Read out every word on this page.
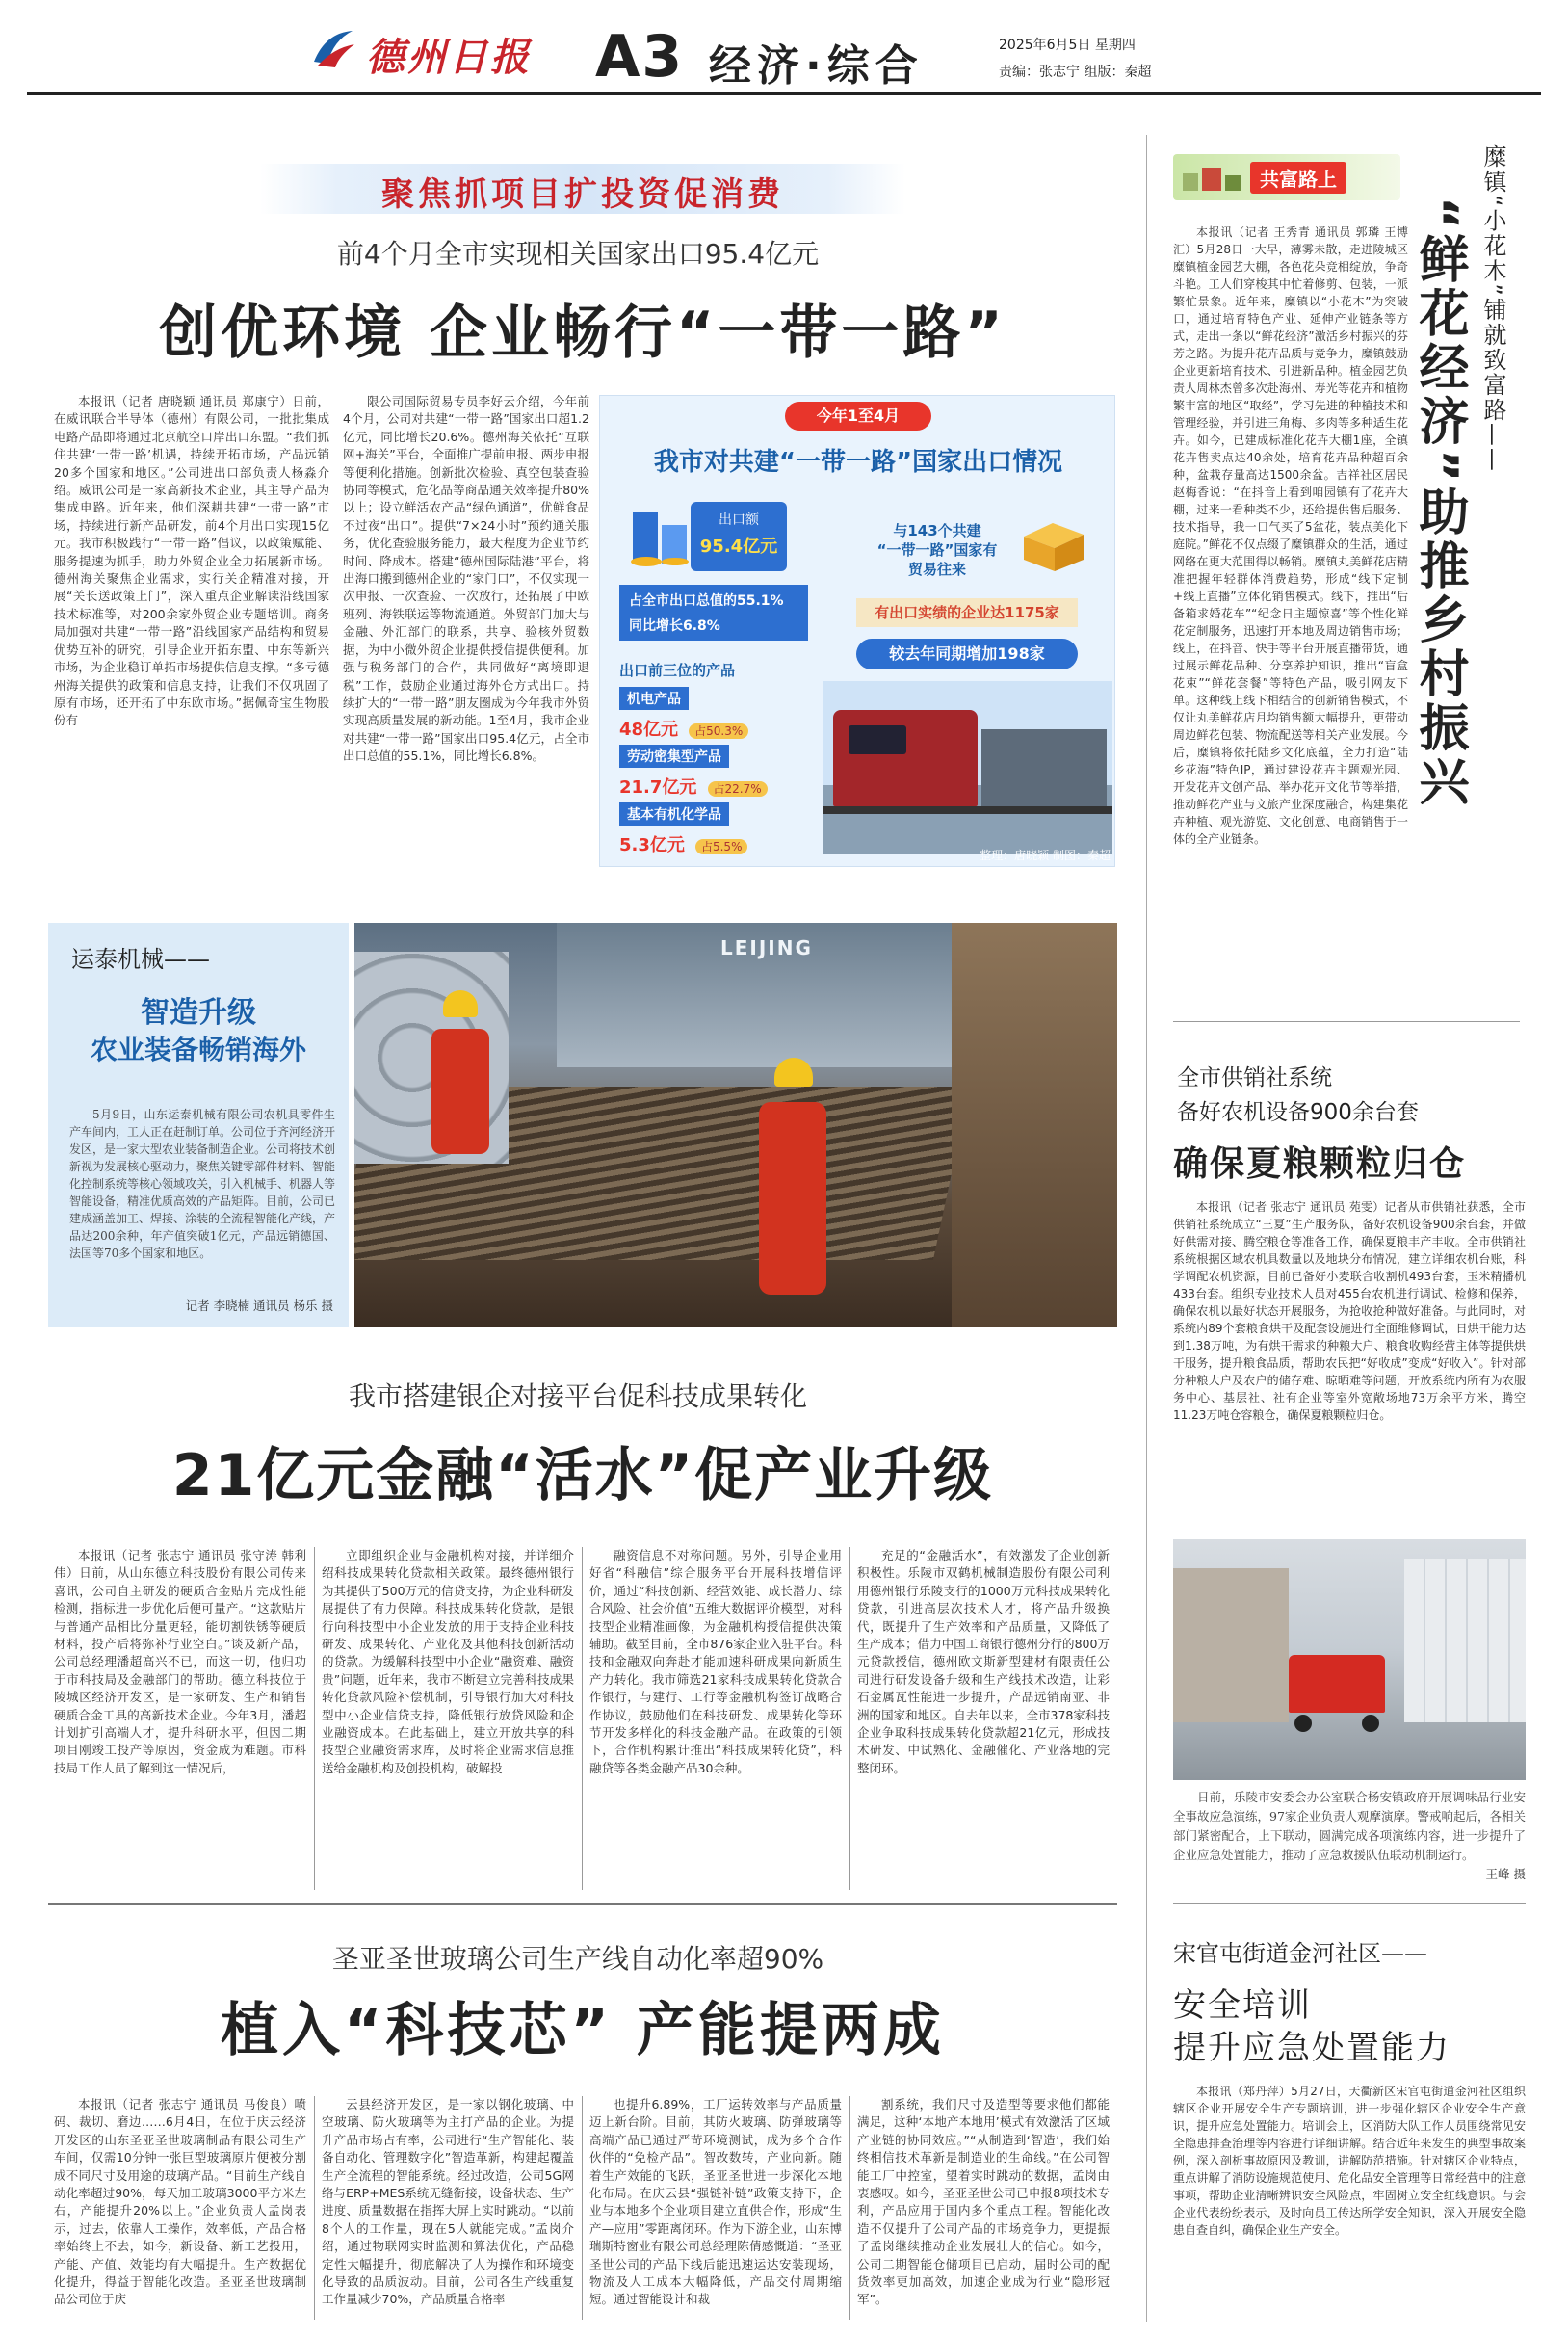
德州日报 A3 经济·综合	2025年6月5日 星期四
责编：张志宁 组版：秦超
聚焦抓项目扩投资促消费
前4个月全市实现相关国家出口95.4亿元
创优环境 企业畅行“一带一路”
本报讯（记者 唐晓颖 通讯员 郑康宁）日前，在威讯联合半导体（德州）有限公司，一批批集成电路产品即将通过北京航空口岸出口东盟。“我们抓住共建‘一带一路’机遇，持续开拓市场，产品远销20多个国家和地区。”公司进出口部负责人杨淼介绍。威讯公司是一家高新技术企业，其主导产品为集成电路。近年来，他们深耕共建“一带一路”市场，持续进行新产品研发，前4个月出口实现15亿元。我市积极践行“一带一路”倡议，以政策赋能、服务提速为抓手，助力外贸企业全力拓展新市场。德州海关聚焦企业需求，实行关企精准对接，开展“关长送政策上门”，深入重点企业解读沿线国家技术标准等，对200余家外贸企业专题培训。商务局加强对共建“一带一路”沿线国家产品结构和贸易优势互补的研究，引导企业开拓东盟、中东等新兴市场，为企业稳订单拓市场提供信息支撑。“多亏德州海关提供的政策和信息支持，让我们不仅巩固了原有市场，还开拓了中东欧市场。”据佩奇宝生物股份有
限公司国际贸易专员李好云介绍，今年前4个月，公司对共建“一带一路”国家出口超1.2亿元，同比增长20.6%。德州海关依托“互联网+海关”平台，全面推广提前申报、两步申报等便利化措施。创新批次检验、真空包装查验协同等模式，危化品等商品通关效率提升80%以上；设立鲜活农产品“绿色通道”，优鲜食品不过夜“出口”。提供“7×24小时”预约通关服务，优化查验服务能力，最大程度为企业节约时间、降成本。搭建“德州国际陆港”平台，将出海口搬到德州企业的“家门口”，不仅实现一次申报、一次查验、一次放行，还拓展了中欧班列、海铁联运等物流通道。外贸部门加大与金融、外汇部门的联系，共享、验核外贸数据，为中小微外贸企业提供授信提供便利。加强与税务部门的合作，共同做好“离境即退税”工作，鼓励企业通过海外仓方式出口。持续扩大的“一带一路”朋友圈成为今年我市外贸实现高质量发展的新动能。1至4月，我市企业对共建“一带一路”国家出口95.4亿元，占全市出口总值的55.1%，同比增长6.8%。
今年1至4月
我市对共建“一带一路”国家出口情况
出口额
95.4亿元
占全市出口总值的55.1%
同比增长6.8%
与143个共建
“一带一路”国家有
贸易往来
有出口实绩的企业达1175家
较去年同期增加198家
出口前三位的产品
机电产品
48亿元 占50.3%
劳动密集型产品
21.7亿元 占22.7%
基本有机化学品
5.3亿元 占5.5%
整理：唐晓颖 制图：秦超
运泰机械——
智造升级
农业装备畅销海外
5月9日，山东运泰机械有限公司农机具零件生产车间内，工人正在赶制订单。公司位于齐河经济开发区，是一家大型农业装备制造企业。公司将技术创新视为发展核心驱动力，聚焦关键零部件材料、智能化控制系统等核心领域攻关，引入机械手、机器人等智能设备，精准优质高效的产品矩阵。目前，公司已建成涵盖加工、焊接、涂装的全流程智能化产线，产品达200余种，年产值突破1亿元，产品远销德国、法国等70多个国家和地区。
记者 李晓楠 通讯员 杨乐 摄
LEIJING
我市搭建银企对接平台促科技成果转化
21亿元金融“活水”促产业升级
本报讯（记者 张志宁 通讯员 张守涛 韩利伟）日前，从山东德立科技股份有限公司传来喜讯，公司自主研发的硬质合金贴片完成性能检测，指标进一步优化后便可量产。“这款贴片与普通产品相比分量更轻，能切割铁锈等硬质材料，投产后将弥补行业空白。”谈及新产品，公司总经理潘超高兴不已，而这一切，他归功于市科技局及金融部门的帮助。德立科技位于陵城区经济开发区，是一家研发、生产和销售硬质合金工具的高新技术企业。今年3月，潘超计划扩引高端人才，提升科研水平，但因二期项目刚竣工投产等原因，资金成为难题。市科技局工作人员了解到这一情况后，
立即组织企业与金融机构对接，并详细介绍科技成果转化贷款相关政策。最终德州银行为其提供了500万元的信贷支持，为企业科研发展提供了有力保障。科技成果转化贷款，是银行向科技型中小企业发放的用于支持企业科技研发、成果转化、产业化及其他科技创新活动的贷款。为缓解科技型中小企业“融资难、融资贵”问题，近年来，我市不断建立完善科技成果转化贷款风险补偿机制，引导银行加大对科技型中小企业信贷支持，降低银行放贷风险和企业融资成本。在此基础上，建立开放共享的科技型企业融资需求库，及时将企业需求信息推送给金融机构及创投机构，破解投
融资信息不对称问题。另外，引导企业用好省“科融信”综合服务平台开展科技增信评价，通过“科技创新、经营效能、成长潜力、综合风险、社会价值”五维大数据评价模型，对科技型企业精准画像，为金融机构授信提供决策辅助。截至目前，全市876家企业入驻平台。科技和金融双向奔赴才能加速科研成果向新质生产力转化。我市筛选21家科技成果转化贷款合作银行，与建行、工行等金融机构签订战略合作协议，鼓励他们在科技研发、成果转化等环节开发多样化的科技金融产品。在政策的引领下，合作机构累计推出“科技成果转化贷”，科融贷等各类金融产品30余种。
充足的“金融活水”，有效激发了企业创新积极性。乐陵市双鹤机械制造股份有限公司利用德州银行乐陵支行的1000万元科技成果转化贷款，引进高层次技术人才，将产品升级换代，既提升了生产效率和产品质量，又降低了生产成本；借力中国工商银行德州分行的800万元贷款授信，德州欧文斯新型建材有限责任公司进行研发设备升级和生产线技术改造，让彩石金属瓦性能进一步提升，产品远销南亚、非洲的国家和地区。自去年以来，全市378家科技企业争取科技成果转化贷款超21亿元，形成技术研发、中试熟化、金融催化、产业落地的完整闭环。
圣亚圣世玻璃公司生产线自动化率超90%
植入“科技芯” 产能提两成
本报讯（记者 张志宁 通讯员 马俊良）喷码、裁切、磨边……6月4日，在位于庆云经济开发区的山东圣亚圣世玻璃制品有限公司生产车间，仅需10分钟一张巨型玻璃原片便被分割成不同尺寸及用途的玻璃产品。“目前生产线自动化率超过90%，每天加工玻璃3000平方米左右，产能提升20%以上。”企业负责人孟岗表示，过去，依靠人工操作，效率低，产品合格率始终上不去，如今，新设备、新工艺投用，产能、产值、效能均有大幅提升。生产数据优化提升，得益于智能化改造。圣亚圣世玻璃制品公司位于庆
云县经济开发区，是一家以钢化玻璃、中空玻璃、防火玻璃等为主打产品的企业。为提升产品市场占有率，公司进行“生产智能化、装备自动化、管理数字化”智造革新，构建起覆盖生产全流程的智能系统。经过改造，公司5G网络与ERP+MES系统无缝衔接，设备状态、生产进度、质量数据在指挥大屏上实时跳动。“以前8个人的工作量，现在5人就能完成。”孟岗介绍，通过物联网实时监测和算法优化，产品稳定性大幅提升，彻底解决了人为操作和环境变化导致的品质波动。目前，公司各生产线重复工作量减少70%，产品质量合格率
也提升6.89%，工厂运转效率与产品质量迈上新台阶。目前，其防火玻璃、防弹玻璃等高端产品已通过严苛环境测试，成为多个合作伙伴的“免检产品”。智改数转，产业向新。随着生产效能的飞跃，圣亚圣世进一步深化本地化布局。在庆云县“强链补链”政策支持下，企业与本地多个企业项目建立直供合作，形成“生产—应用”零距离闭环。作为下游企业，山东博瑞斯特窗业有限公司总经理陈倩感慨道：“圣亚圣世公司的产品下线后能迅速运达安装现场，物流及人工成本大幅降低，产品交付周期缩短。通过智能设计和裁
割系统，我们尺寸及造型等要求他们都能满足，这种‘本地产本地用’模式有效激活了区域产业链的协同效应。”“从制造到‘智造’，我们始终相信技术革新是制造业的生命线。”在公司智能工厂中控室，望着实时跳动的数据，孟岗由衷感叹。如今，圣亚圣世公司已申报8项技术专利，产品应用于国内多个重点工程。智能化改造不仅提升了公司产品的市场竞争力，更提振了孟岗继续推动企业发展壮大的信心。如今，公司二期智能仓储项目已启动，届时公司的配货效率更加高效，加速企业成为行业“隐形冠军”。
共富路上	糜镇“小花木”铺就致富路——
“鲜花经济”助推乡村振兴
本报讯（记者 王秀青 通讯员 郭璘 王博汇）5月28日一大早，薄雾未散，走进陵城区糜镇植金园艺大棚，各色花朵竞相绽放，争奇斗艳。工人们穿梭其中忙着修剪、包装，一派繁忙景象。近年来，糜镇以“小花木”为突破口，通过培育特色产业、延伸产业链条等方式，走出一条以“鲜花经济”激活乡村振兴的芬芳之路。为提升花卉品质与竞争力，糜镇鼓励企业更新培育技术、引进新品种。植金园艺负责人周林杰曾多次赴海州、寿光等花卉和植物繁丰富的地区“取经”，学习先进的种植技术和管理经验，并引进三角梅、多肉等多种适生花卉。如今，已建成标准化花卉大棚1座，全镇花卉售卖点达40余处，培育花卉品种超百余种，盆栽存量高达1500余盆。吉祥社区居民赵梅香说：“在抖音上看到咱园镇有了花卉大棚，过来一看种类不少，还给提供售后服务、技术指导，我一口气买了5盆花，装点美化下庭院。”鲜花不仅点缀了糜镇群众的生活，通过网络在更大范围得以畅销。糜镇丸美鲜花店精准把握年轻群体消费趋势，形成“线下定制+线上直播”立体化销售模式。线下，推出“后备箱求婚花车”“纪念日主题惊喜”等个性化鲜花定制服务，迅速打开本地及周边销售市场；线上，在抖音、快手等平台开展直播带货，通过展示鲜花品种、分享养护知识，推出“盲盒花束”“鲜花套餐”等特色产品，吸引网友下单。这种线上线下相结合的创新销售模式，不仅让丸美鲜花店月均销售额大幅提升，更带动周边鲜花包装、物流配送等相关产业发展。今后，糜镇将依托陆乡文化底蕴，全力打造“陆乡花海”特色IP，通过建设花卉主题观光园、开发花卉文创产品、举办花卉文化节等举措，推动鲜花产业与文旅产业深度融合，构建集花卉种植、观光游览、文化创意、电商销售于一体的全产业链条。
全市供销社系统
备好农机设备900余台套
确保夏粮颗粒归仓
本报讯（记者 张志宁 通讯员 苑雯）记者从市供销社获悉，全市供销社系统成立“三夏”生产服务队，备好农机设备900余台套，并做好供需对接、腾空粮仓等准备工作，确保夏粮丰产丰收。全市供销社系统根据区域农机具数量以及地块分布情况，建立详细农机台账，科学调配农机资源，目前已备好小麦联合收割机493台套，玉米精播机433台套。组织专业技术人员对455台农机进行调试、检修和保养，确保农机以最好状态开展服务，为抢收抢种做好准备。与此同时，对系统内89个套粮食烘干及配套设施进行全面维修调试，日烘干能力达到1.38万吨，为有烘干需求的种粮大户、粮食收购经营主体等提供烘干服务，提升粮食品质，帮助农民把“好收成”变成“好收入”。针对部分种粮大户及农户的储存难、晾晒难等问题，开放系统内所有为农服务中心、基层社、社有企业等室外宽敞场地73万余平方米，腾空11.23万吨仓容粮仓，确保夏粮颗粒归仓。
日前，乐陵市安委会办公室联合杨安镇政府开展调味品行业安全事故应急演练，97家企业负责人观摩演摩。警戒响起后，各相关部门紧密配合，上下联动，圆满完成各项演练内容，进一步提升了企业应急处置能力，推动了应急救援队伍联动机制运行。
王峰 摄
宋官屯街道金河社区——
安全培训
提升应急处置能力
本报讯（郑丹萍）5月27日，天衢新区宋官屯街道金河社区组织辖区企业开展安全生产专题培训，进一步强化辖区企业安全生产意识，提升应急处置能力。培训会上，区消防大队工作人员围绕常见安全隐患排查治理等内容进行详细讲解。结合近年来发生的典型事故案例，深入剖析事故原因及教训，讲解防范措施。针对辖区企业特点，重点讲解了消防设施规范使用、危化品安全管理等日常经营中的注意事项，帮助企业清晰辨识安全风险点，牢固树立安全红线意识。与会企业代表纷纷表示，及时向员工传达所学安全知识，深入开展安全隐患自查自纠，确保企业生产安全。
